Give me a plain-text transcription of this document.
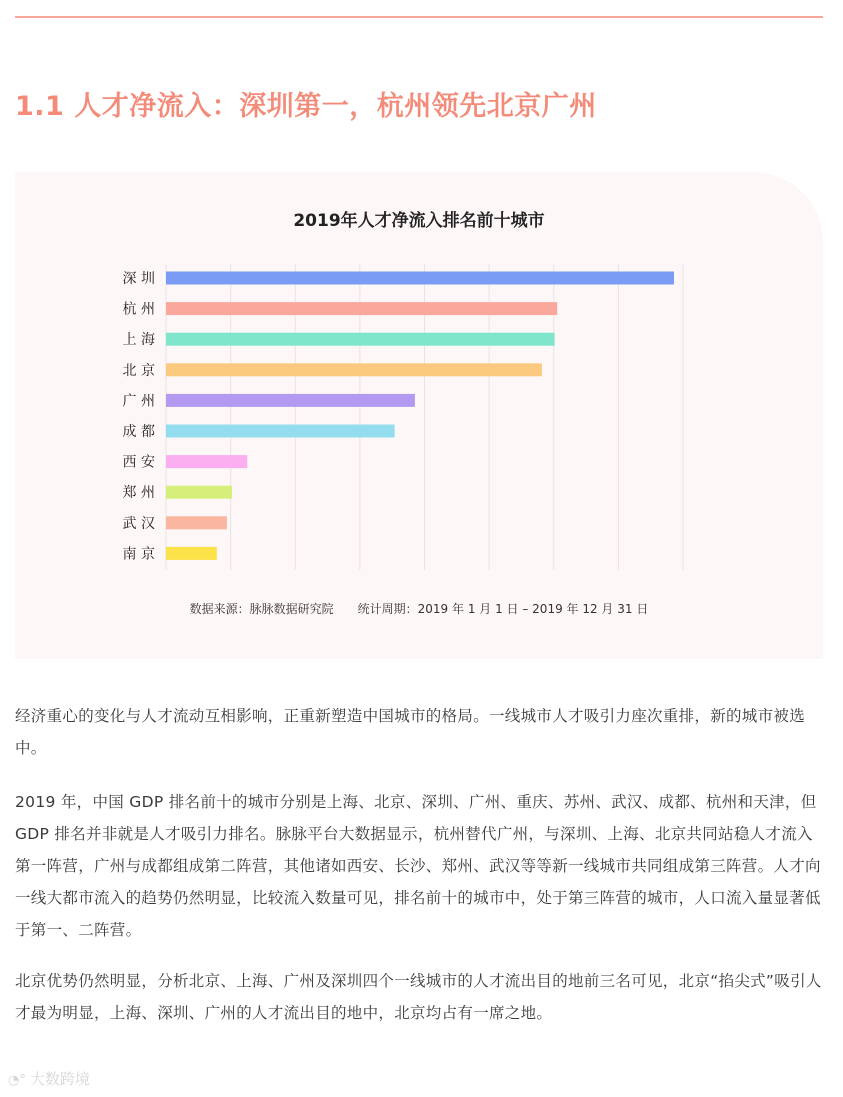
1.1 人才净流入：深圳第一，杭州领先北京广州
2019年人才净流入排名前十城市
深 圳
杭 州
上 海
北 京
广 州
成 都
西 安
郑 州
武 汉
南 京
数据来源：脉脉数据研究院　　统计周期：2019 年 1 月 1 日 – 2019 年 12 月 31 日

经济重心的变化与人才流动互相影响，正重新塑造中国城市的格局。一线城市人才吸引力座次重排，新的城市被选中。

2019 年，中国 GDP 排名前十的城市分别是上海、北京、深圳、广州、重庆、苏州、武汉、成都、杭州和天津，但 GDP 排名并非就是人才吸引力排名。脉脉平台大数据显示，杭州替代广州，与深圳、上海、北京共同站稳人才流入第一阵营，广州与成都组成第二阵营，其他诸如西安、长沙、郑州、武汉等等新一线城市共同组成第三阵营。人才向一线大都市流入的趋势仍然明显，比较流入数量可见，排名前十的城市中，处于第三阵营的城市，人口流入量显著低于第一、二阵营。

北京优势仍然明显，分析北京、上海、广州及深圳四个一线城市的人才流出目的地前三名可见，北京“掐尖式”吸引人才最为明显，上海、深圳、广州的人才流出目的地中，北京均占有一席之地。

◔° 大数跨境
